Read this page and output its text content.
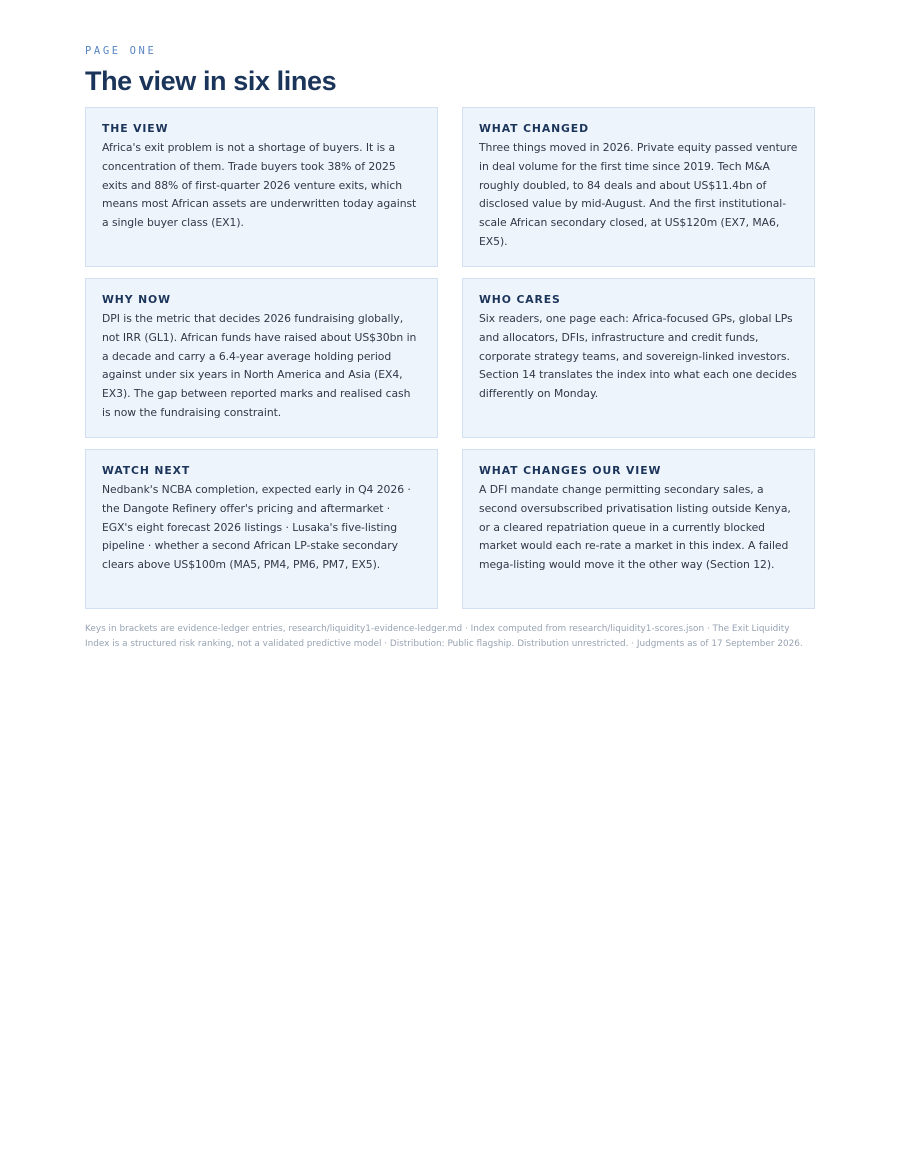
PAGE ONE
The view in six lines
THE VIEW

Africa's exit problem is not a shortage of buyers. It is a concentration of them. Trade buyers took 38% of 2025 exits and 88% of first-quarter 2026 venture exits, which means most African assets are underwritten today against a single buyer class (EX1).

WHAT CHANGED

Three things moved in 2026. Private equity passed venture in deal volume for the first time since 2019. Tech M&A roughly doubled, to 84 deals and about US$11.4bn of disclosed value by mid-August. And the first institutional-scale African secondary closed, at US$120m (EX7, MA6, EX5).

WHY NOW

DPI is the metric that decides 2026 fundraising globally, not IRR (GL1). African funds have raised about US$30bn in a decade and carry a 6.4-year average holding period against under six years in North America and Asia (EX4, EX3). The gap between reported marks and realised cash is now the fundraising constraint.

WHO CARES

Six readers, one page each: Africa-focused GPs, global LPs and allocators, DFIs, infrastructure and credit funds, corporate strategy teams, and sovereign-linked investors. Section 14 translates the index into what each one decides differently on Monday.

WATCH NEXT

Nedbank's NCBA completion, expected early in Q4 2026 · the Dangote Refinery offer's pricing and aftermarket · EGX's eight forecast 2026 listings · Lusaka's five-listing pipeline · whether a second African LP-stake secondary clears above US$100m (MA5, PM4, PM6, PM7, EX5).

WHAT CHANGES OUR VIEW

A DFI mandate change permitting secondary sales, a second oversubscribed privatisation listing outside Kenya, or a cleared repatriation queue in a currently blocked market would each re-rate a market in this index. A failed mega-listing would move it the other way (Section 12).

Keys in brackets are evidence-ledger entries, research/liquidity1-evidence-ledger.md · Index computed from research/liquidity1-scores.json · The Exit Liquidity Index is a structured risk ranking, not a validated predictive model · Distribution: Public flagship. Distribution unrestricted. · Judgments as of 17 September 2026.
